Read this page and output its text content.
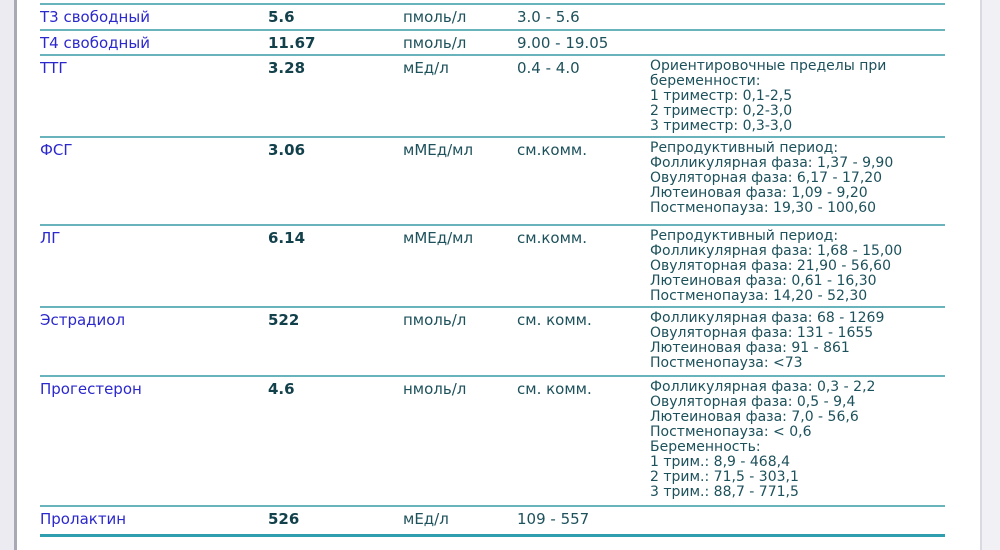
Т3 свободный	5.6	пмоль/л	3.0 - 5.6	
Т4 свободный	11.67	пмоль/л	9.00 - 19.05	
ТТГ	3.28	мЕд/л	0.4 - 4.0	Ориентировочные пределы при беременности:
1 триместр: 0,1-2,5
2 триместр: 0,2-3,0
3 триместр: 0,3-3,0

ФСГ	3.06	мМЕд/мл	см.комм.	Репродуктивный период:
Фолликулярная фаза: 1,37 - 9,90
Овуляторная фаза: 6,17 - 17,20
Лютеиновая фаза: 1,09 - 9,20
Постменопауза: 19,30 - 100,60

ЛГ	6.14	мМЕд/мл	см.комм.	Репродуктивный период:
Фолликулярная фаза: 1,68 - 15,00
Овуляторная фаза: 21,90 - 56,60
Лютеиновая фаза: 0,61 - 16,30
Постменопауза: 14,20 - 52,30

Эстрадиол	522	пмоль/л	см. комм.	Фолликулярная фаза: 68 - 1269
Овуляторная фаза: 131 - 1655
Лютеиновая фаза: 91 - 861
Постменопауза: <73

Прогестерон	4.6	нмоль/л	см. комм.	Фолликулярная фаза: 0,3 - 2,2
Овуляторная фаза: 0,5 - 9,4
Лютеиновая фаза: 7,0 - 56,6
Постменопауза: < 0,6
Беременность:
1 трим.: 8,9 - 468,4
2 трим.: 71,5 - 303,1
3 трим.: 88,7 - 771,5

Пролактин	526	мЕд/л	109 - 557	
